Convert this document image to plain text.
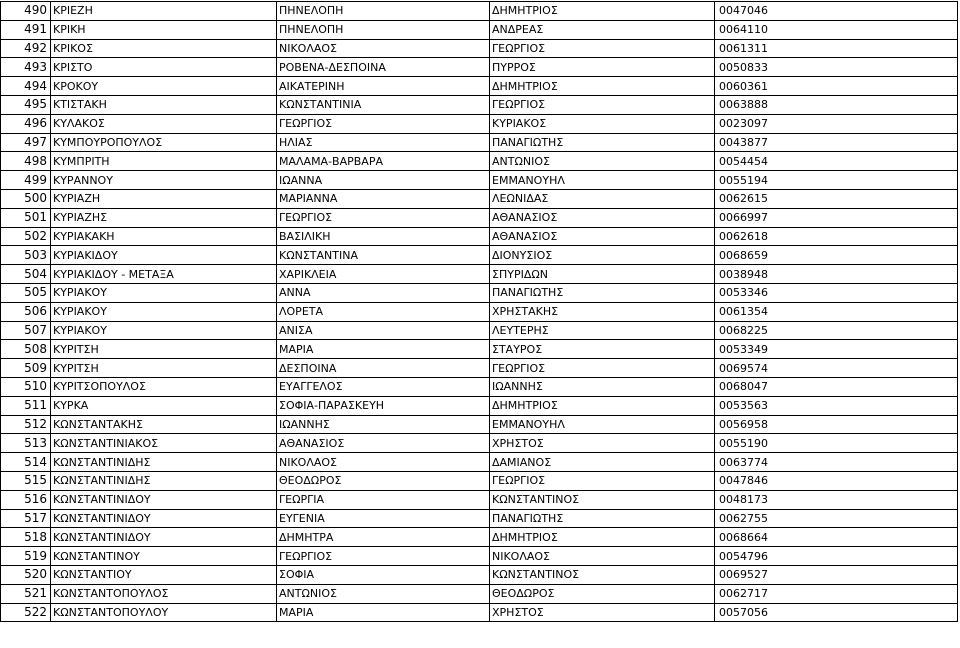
490	ΚΡΙΕΖΗ	ΠΗΝΕΛΟΠΗ	ΔΗΜΗΤΡΙΟΣ	0047046
491	ΚΡΙΚΗ	ΠΗΝΕΛΟΠΗ	ΑΝΔΡΕΑΣ	0064110
492	ΚΡΙΚΟΣ	ΝΙΚΟΛΑΟΣ	ΓΕΩΡΓΙΟΣ	0061311
493	ΚΡΙΣΤΟ	ΡΟΒΕΝΑ-ΔΕΣΠΟΙΝΑ	ΠΥΡΡΟΣ	0050833
494	ΚΡΟΚΟΥ	ΑΙΚΑΤΕΡΙΝΗ	ΔΗΜΗΤΡΙΟΣ	0060361
495	ΚΤΙΣΤΑΚΗ	ΚΩΝΣΤΑΝΤΙΝΙΑ	ΓΕΩΡΓΙΟΣ	0063888
496	ΚΥΛΑΚΟΣ	ΓΕΩΡΓΙΟΣ	ΚΥΡΙΑΚΟΣ	0023097
497	ΚΥΜΠΟΥΡΟΠΟΥΛΟΣ	ΗΛΙΑΣ	ΠΑΝΑΓΙΩΤΗΣ	0043877
498	ΚΥΜΠΡΙΤΗ	ΜΑΛΑΜΑ-ΒΑΡΒΑΡΑ	ΑΝΤΩΝΙΟΣ	0054454
499	ΚΥΡΑΝΝΟΥ	ΙΩΑΝΝΑ	ΕΜΜΑΝΟΥΗΛ	0055194
500	ΚΥΡΙΑΖΗ	ΜΑΡΙΑΝΝΑ	ΛΕΩΝΙΔΑΣ	0062615
501	ΚΥΡΙΑΖΗΣ	ΓΕΩΡΓΙΟΣ	ΑΘΑΝΑΣΙΟΣ	0066997
502	ΚΥΡΙΑΚΑΚΗ	ΒΑΣΙΛΙΚΗ	ΑΘΑΝΑΣΙΟΣ	0062618
503	ΚΥΡΙΑΚΙΔΟΥ	ΚΩΝΣΤΑΝΤΙΝΑ	ΔΙΟΝΥΣΙΟΣ	0068659
504	ΚΥΡΙΑΚΙΔΟΥ - ΜΕΤΑΞΑ	ΧΑΡΙΚΛΕΙΑ	ΣΠΥΡΙΔΩΝ	0038948
505	ΚΥΡΙΑΚΟΥ	ΑΝΝΑ	ΠΑΝΑΓΙΩΤΗΣ	0053346
506	ΚΥΡΙΑΚΟΥ	ΛΟΡΕΤΑ	ΧΡΗΣΤΑΚΗΣ	0061354
507	ΚΥΡΙΑΚΟΥ	ΑΝΙΣΑ	ΛΕΥΤΕΡΗΣ	0068225
508	ΚΥΡΙΤΣΗ	ΜΑΡΙΑ	ΣΤΑΥΡΟΣ	0053349
509	ΚΥΡΙΤΣΗ	ΔΕΣΠΟΙΝΑ	ΓΕΩΡΓΙΟΣ	0069574
510	ΚΥΡΙΤΣΟΠΟΥΛΟΣ	ΕΥΑΓΓΕΛΟΣ	ΙΩΑΝΝΗΣ	0068047
511	ΚΥΡΚΑ	ΣΟΦΙΑ-ΠΑΡΑΣΚΕΥΗ	ΔΗΜΗΤΡΙΟΣ	0053563
512	ΚΩΝΣΤΑΝΤΑΚΗΣ	ΙΩΑΝΝΗΣ	ΕΜΜΑΝΟΥΗΛ	0056958
513	ΚΩΝΣΤΑΝΤΙΝΙΑΚΟΣ	ΑΘΑΝΑΣΙΟΣ	ΧΡΗΣΤΟΣ	0055190
514	ΚΩΝΣΤΑΝΤΙΝΙΔΗΣ	ΝΙΚΟΛΑΟΣ	ΔΑΜΙΑΝΟΣ	0063774
515	ΚΩΝΣΤΑΝΤΙΝΙΔΗΣ	ΘΕΟΔΩΡΟΣ	ΓΕΩΡΓΙΟΣ	0047846
516	ΚΩΝΣΤΑΝΤΙΝΙΔΟΥ	ΓΕΩΡΓΙΑ	ΚΩΝΣΤΑΝΤΙΝΟΣ	0048173
517	ΚΩΝΣΤΑΝΤΙΝΙΔΟΥ	ΕΥΓΕΝΙΑ	ΠΑΝΑΓΙΩΤΗΣ	0062755
518	ΚΩΝΣΤΑΝΤΙΝΙΔΟΥ	ΔΗΜΗΤΡΑ	ΔΗΜΗΤΡΙΟΣ	0068664
519	ΚΩΝΣΤΑΝΤΙΝΟΥ	ΓΕΩΡΓΙΟΣ	ΝΙΚΟΛΑΟΣ	0054796
520	ΚΩΝΣΤΑΝΤΙΟΥ	ΣΟΦΙΑ	ΚΩΝΣΤΑΝΤΙΝΟΣ	0069527
521	ΚΩΝΣΤΑΝΤΟΠΟΥΛΟΣ	ΑΝΤΩΝΙΟΣ	ΘΕΟΔΩΡΟΣ	0062717
522	ΚΩΝΣΤΑΝΤΟΠΟΥΛΟΥ	ΜΑΡΙΑ	ΧΡΗΣΤΟΣ	0057056
